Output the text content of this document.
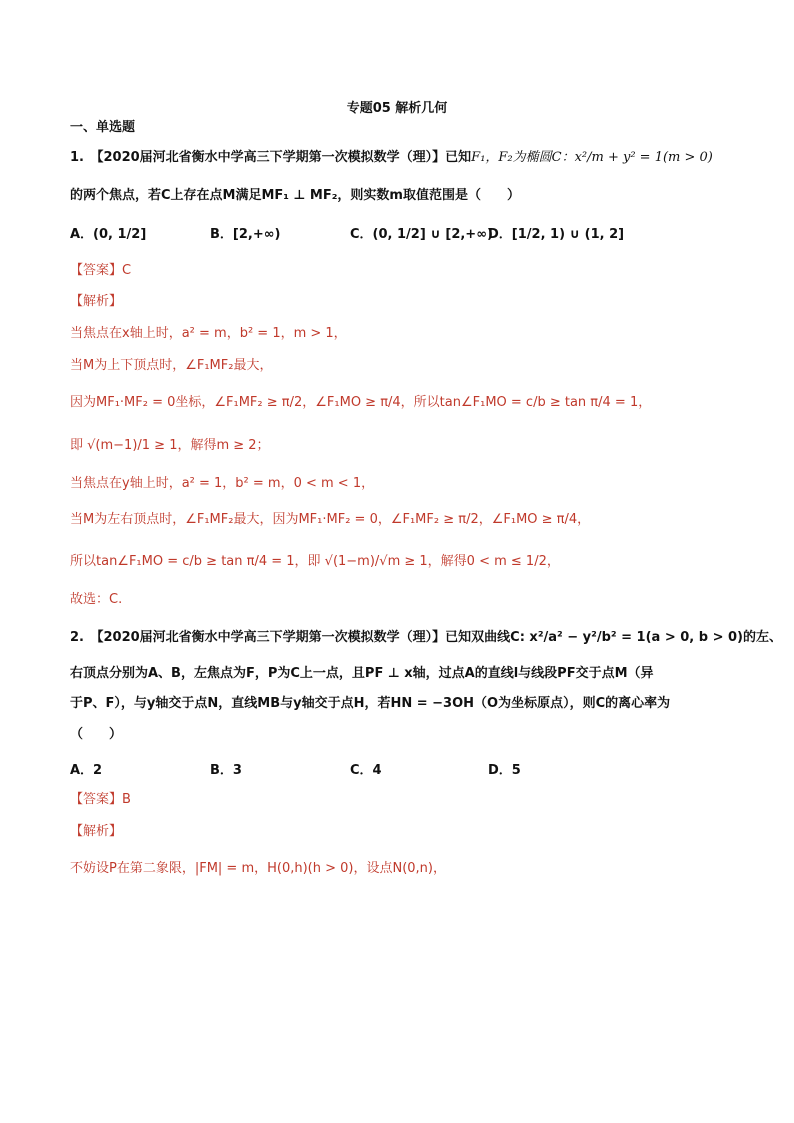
专题05 解析几何
一、单选题
1.　【2020届河北省衡水中学高三下学期第一次模拟数学（理）】已知F₁，F₂为椭圆C：x²/m + y² = 1(m > 0)
的两个焦点，若C上存在点M满足MF₁ ⊥ MF₂，则实数m取值范围是（　　）
A．(0, 1/2]	B．[2,+∞)	C．(0, 1/2] ∪ [2,+∞)
D．[1/2, 1) ∪ (1, 2]
【答案】C
【解析】
当焦点在x轴上时，a² = m，b² = 1，m > 1，
当M为上下顶点时，∠F₁MF₂最大，
因为MF₁·MF₂ = 0坐标，∠F₁MF₂ ≥ π/2，∠F₁MO ≥ π/4，所以tan∠F₁MO = c/b ≥ tan π/4 = 1，
即 √(m−1)/1 ≥ 1，解得m ≥ 2；
当焦点在y轴上时，a² = 1，b² = m，0 < m < 1，
当M为左右顶点时，∠F₁MF₂最大，因为MF₁·MF₂ = 0，∠F₁MF₂ ≥ π/2，∠F₁MO ≥ π/4，
所以tan∠F₁MO = c/b ≥ tan π/4 = 1，即 √(1−m)/√m ≥ 1，解得0 < m ≤ 1/2，
故选：C.
2.　【2020届河北省衡水中学高三下学期第一次模拟数学（理）】已知双曲线C: x²/a² − y²/b² = 1(a > 0, b > 0)的左、
右顶点分别为A、B，左焦点为F，P为C上一点，且PF ⊥ x轴，过点A的直线l与线段PF交于点M（异
于P、F），与y轴交于点N，直线MB与y轴交于点H，若HN = −3OH（O为坐标原点），则C的离心率为
（　　）
A．2	B．3	C．4	D．5
【答案】B
【解析】
不妨设P在第二象限，|FM| = m，H(0,h)(h > 0)，设点N(0,n)，
